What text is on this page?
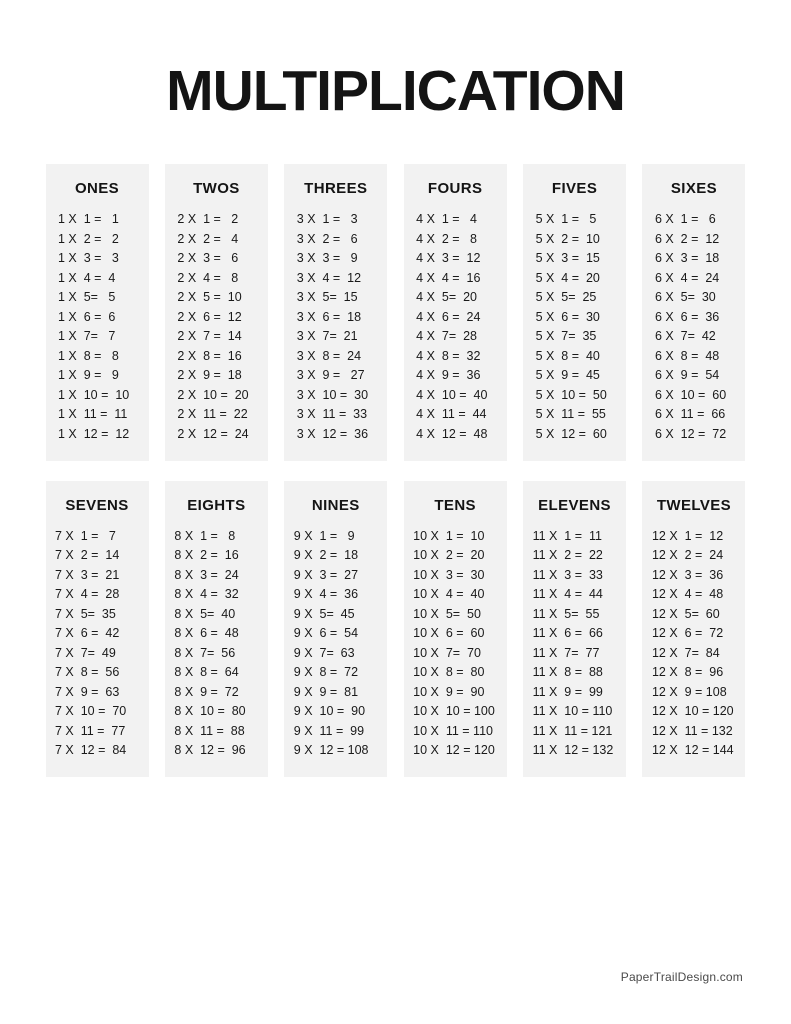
MULTIPLICATION
ONES
1 X  1 =   1
1 X  2 =   2
1 X  3 =   3
1 X  4 =  4
1 X  5=   5
1 X  6 =  6
1 X  7=   7
1 X  8 =   8
1 X  9 =   9
1 X  10 =  10
1 X  11 =  11
1 X  12 =  12
TWOS
2 X  1 =   2
2 X  2 =   4
2 X  3 =   6
2 X  4 =   8
2 X  5 =  10
2 X  6 =  12
2 X  7 =  14
2 X  8 =  16
2 X  9 =  18
2 X  10 =  20
2 X  11 =  22
2 X  12 =  24
THREES
3 X  1 =   3
3 X  2 =   6
3 X  3 =   9
3 X  4 =  12
3 X  5=  15
3 X  6 =  18
3 X  7=  21
3 X  8 =  24
3 X  9 =   27
3 X  10 =  30
3 X  11 =  33
3 X  12 =  36
FOURS
4 X  1 =   4
4 X  2 =   8
4 X  3 =  12
4 X  4 =  16
4 X  5=  20
4 X  6 =  24
4 X  7=  28
4 X  8 =  32
4 X  9 =  36
4 X  10 =  40
4 X  11 =  44
4 X  12 =  48
FIVES
5 X  1 =   5
5 X  2 =  10
5 X  3 =  15
5 X  4 =  20
5 X  5=  25
5 X  6 =  30
5 X  7=  35
5 X  8 =  40
5 X  9 =  45
5 X  10 =  50
5 X  11 =  55
5 X  12 =  60
SIXES
6 X  1 =   6
6 X  2 =  12
6 X  3 =  18
6 X  4 =  24
6 X  5=  30
6 X  6 =  36
6 X  7=  42
6 X  8 =  48
6 X  9 =  54
6 X  10 =  60
6 X  11 =  66
6 X  12 =  72
SEVENS
7 X  1 =   7
7 X  2 =  14
7 X  3 =  21
7 X  4 =  28
7 X  5=  35
7 X  6 =  42
7 X  7=  49
7 X  8 =  56
7 X  9 =  63
7 X  10 =  70
7 X  11 =  77
7 X  12 =  84
EIGHTS
8 X  1 =   8
8 X  2 =  16
8 X  3 =  24
8 X  4 =  32
8 X  5=  40
8 X  6 =  48
8 X  7=  56
8 X  8 =  64
8 X  9 =  72
8 X  10 =  80
8 X  11 =  88
8 X  12 =  96
NINES
9 X  1 =   9
9 X  2 =  18
9 X  3 =  27
9 X  4 =  36
9 X  5=  45
9 X  6 =  54
9 X  7=  63
9 X  8 =  72
9 X  9 =  81
9 X  10 =  90
9 X  11 =  99
9 X  12 = 108
TENS
10 X  1 =  10
10 X  2 =  20
10 X  3 =  30
10 X  4 =  40
10 X  5=  50
10 X  6 =  60
10 X  7=  70
10 X  8 =  80
10 X  9 =  90
10 X  10 = 100
10 X  11 = 110
10 X  12 = 120
ELEVENS
11 X  1 =  11
11 X  2 =  22
11 X  3 =  33
11 X  4 =  44
11 X  5=  55
11 X  6 =  66
11 X  7=  77
11 X  8 =  88
11 X  9 =  99
11 X  10 = 110
11 X  11 = 121
11 X  12 = 132
TWELVES
12 X  1 =  12
12 X  2 =  24
12 X  3 =  36
12 X  4 =  48
12 X  5=  60
12 X  6 =  72
12 X  7=  84
12 X  8 =  96
12 X  9 = 108
12 X  10 = 120
12 X  11 = 132
12 X  12 = 144
PaperTrailDesign.com
